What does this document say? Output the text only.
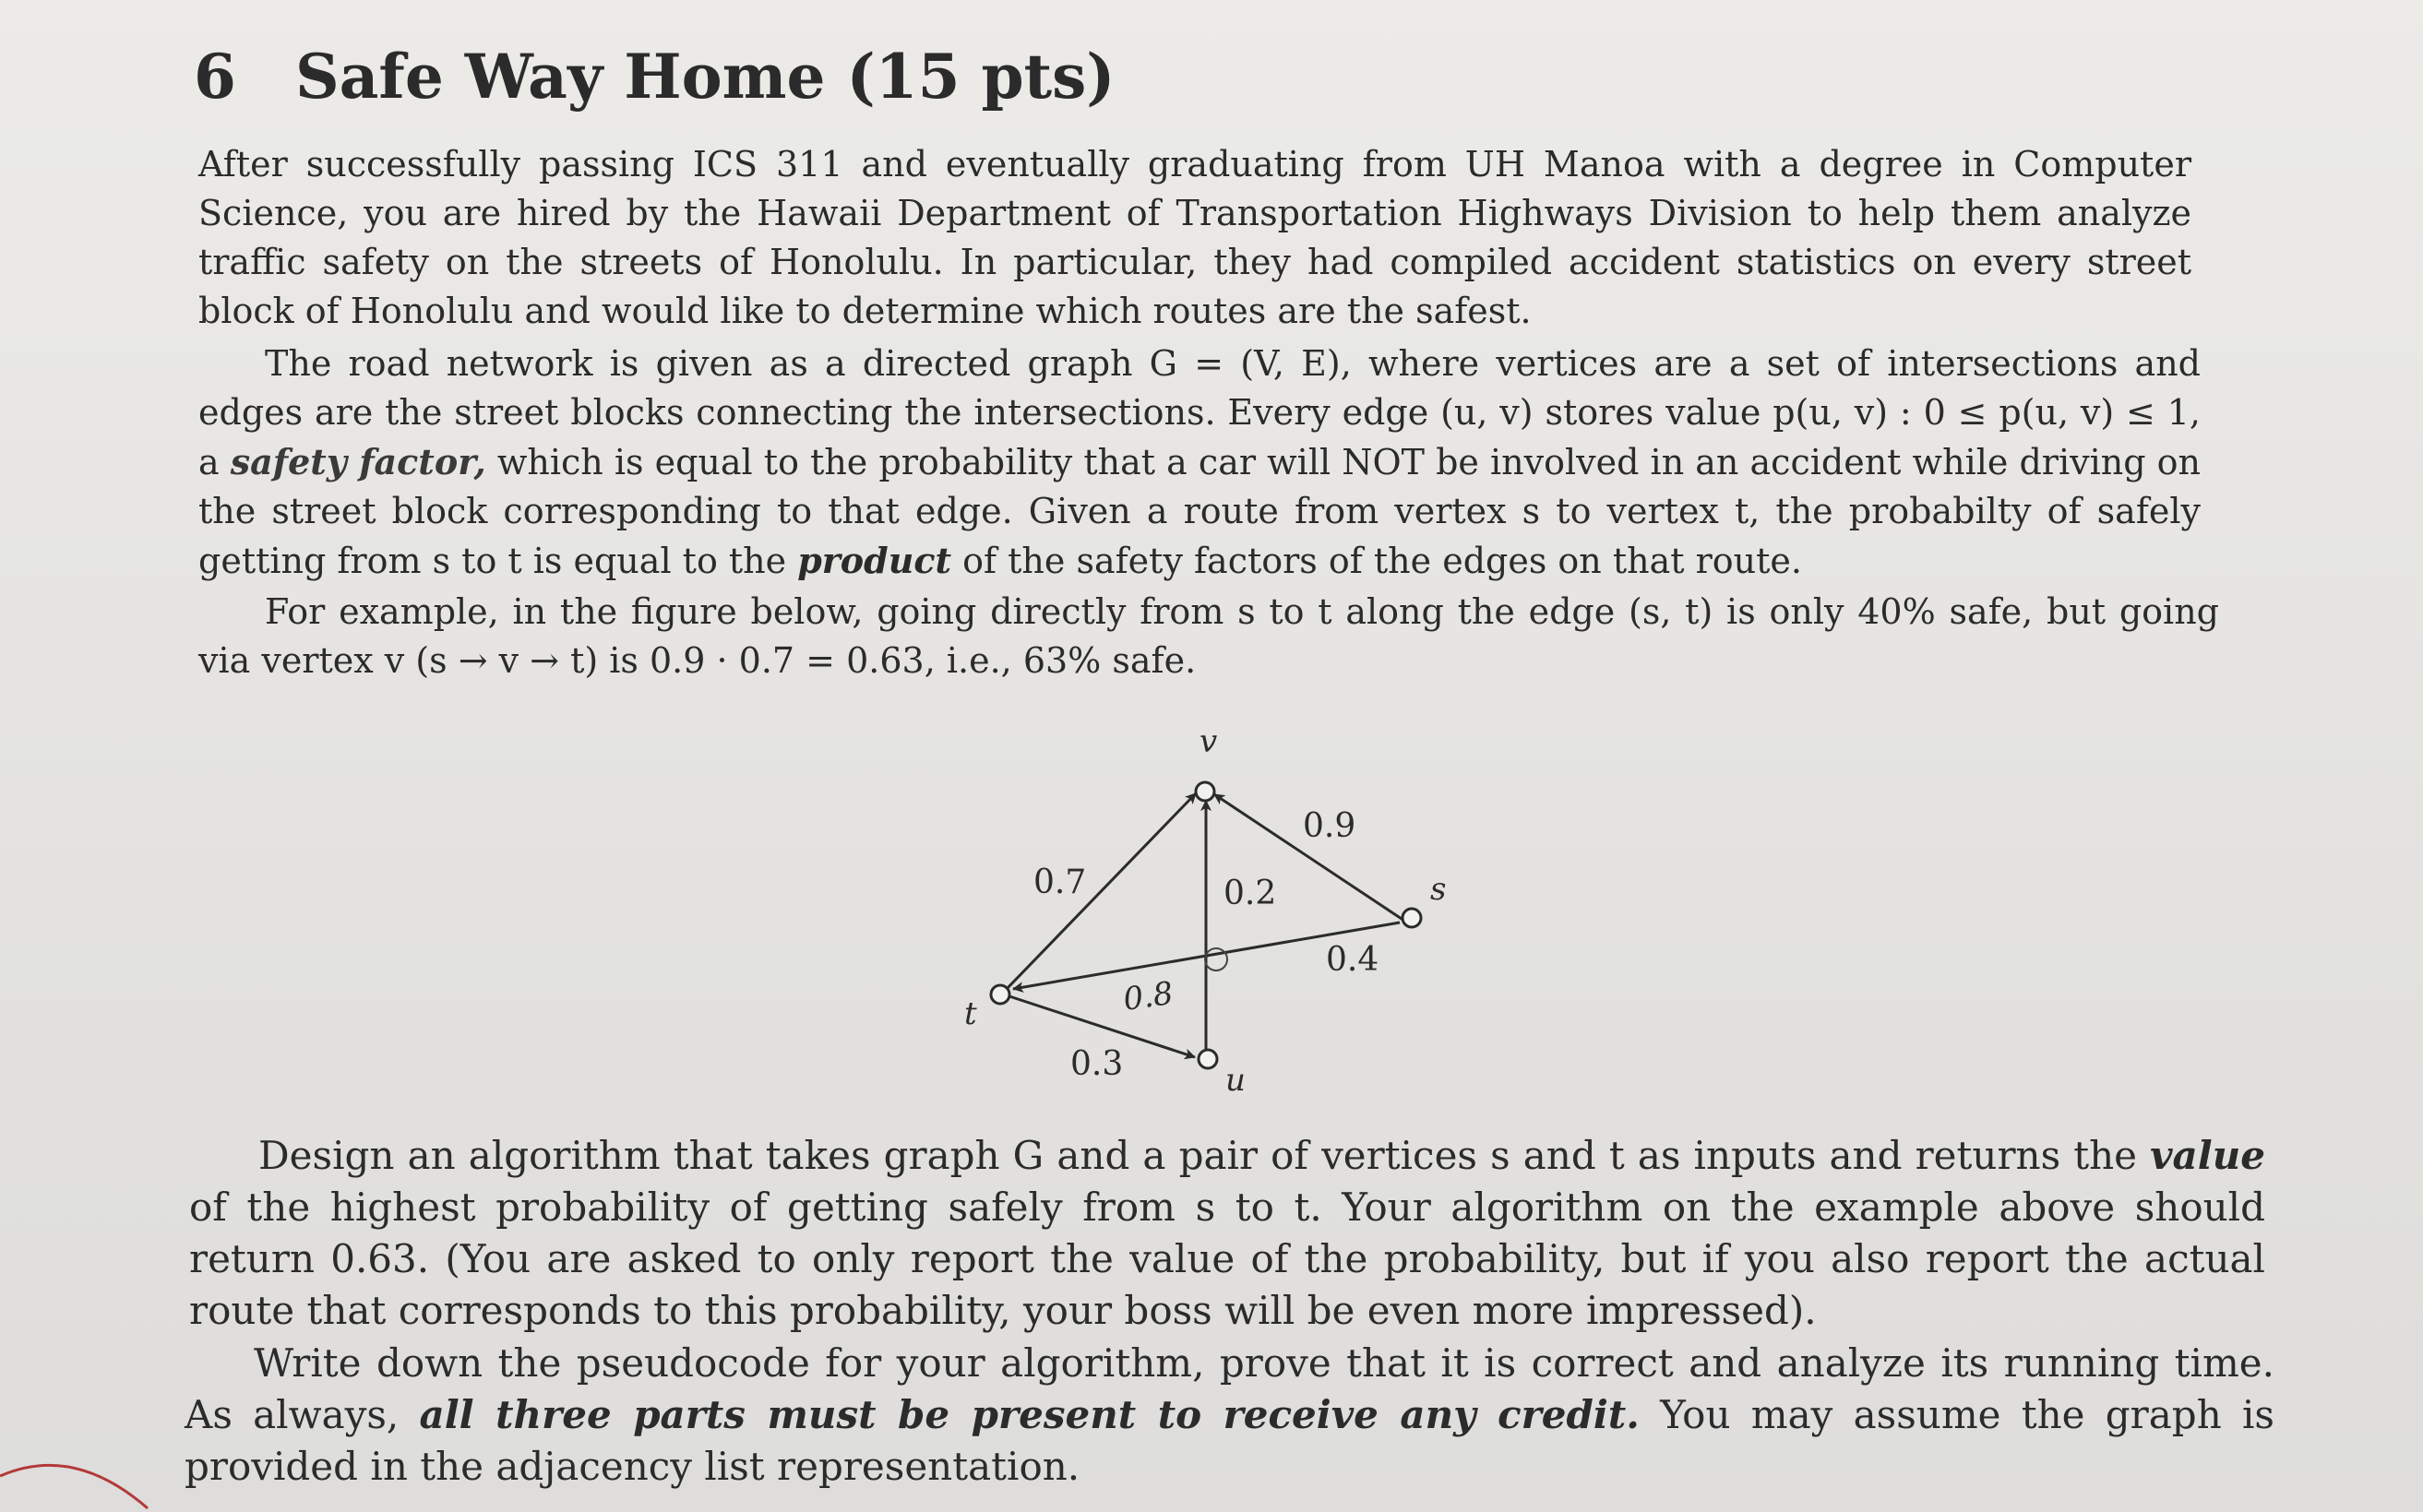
6 Safe Way Home (15 pts)

After successfully passing ICS 311 and eventually graduating from UH Manoa with a degree in Computer Science, you are hired by the Hawaii Department of Transportation Highways Division to help them analyze traffic safety on the streets of Honolulu. In particular, they had compiled accident statistics on every street block of Honolulu and would like to determine which routes are the safest.

The road network is given as a directed graph G = (V, E), where vertices are a set of intersections and edges are the street blocks connecting the intersections. Every edge (u, v) stores value p(u, v) : 0 ≤ p(u, v) ≤ 1, a safety factor, which is equal to the probability that a car will NOT be involved in an accident while driving on the street block corresponding to that edge. Given a route from vertex s to vertex t, the probabilty of safely getting from s to t is equal to the product of the safety factors of the edges on that route.

For example, in the figure below, going directly from s to t along the edge (s, t) is only 40% safe, but going via vertex v (s → v → t) is 0.9 · 0.7 = 0.63, i.e., 63% safe.

v
s
t
u
0.9
0.7	0.2
0.4
0.3
0.8

Design an algorithm that takes graph G and a pair of vertices s and t as inputs and returns the value of the highest probability of getting safely from s to t. Your algorithm on the example above should return 0.63. (You are asked to only report the value of the probability, but if you also report the actual route that corresponds to this probability, your boss will be even more impressed).

Write down the pseudocode for your algorithm, prove that it is correct and analyze its running time. As always, all three parts must be present to receive any credit. You may assume the graph is provided in the adjacency list representation.
